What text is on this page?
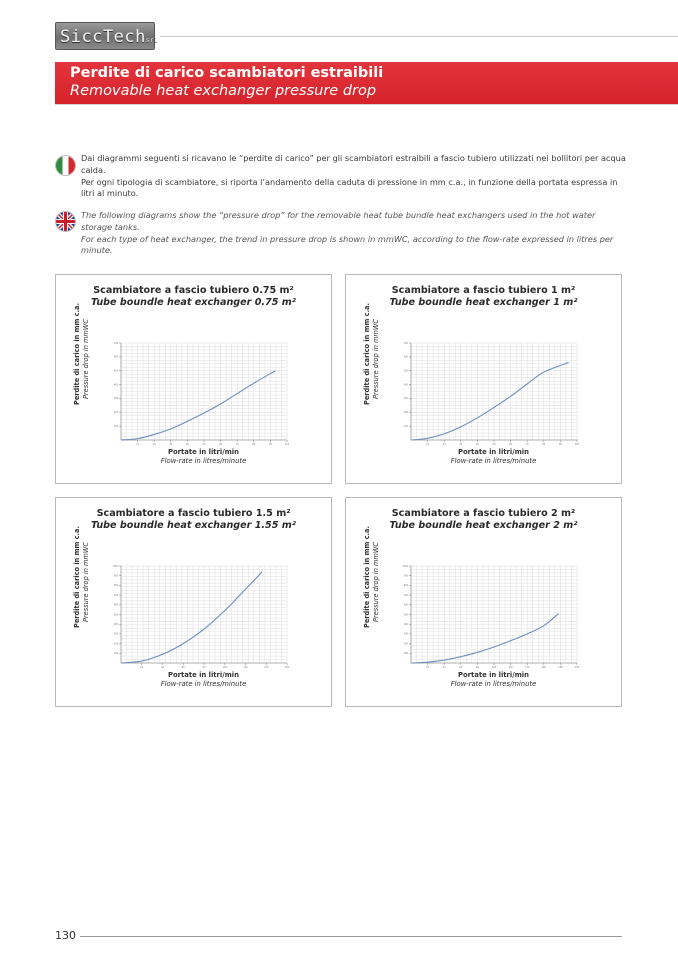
SiccTechsrl
Perdite di carico scambiatori estraibili
Removable heat exchanger pressure drop

Dai diagrammi seguenti si ricavano le “perdite di carico” per gli scambiatori estraibili a fascio tubiero utilizzati nei bollitori per acqua calda.

Per ogni tipologia di scambiatore, si riporta l’andamento della caduta di pressione in mm c.a., in funzione della portata espressa in litri al minuto.

The following diagrams show the “pressure drop” for the removable heat tube bundle heat exchangers used in the hot water storage tanks.

For each type of heat exchanger, the trend in pressure drop is shown in mmWC, according to the flow-rate expressed in litres per minute.

10	20	30	40	50	60	70	80	90	100
100
200
300
400
500
600
700
Scambiatore a fascio tubiero 0.75 m²
Tube boundle heat exchanger 0.75 m²
Perdite di carico in mm c.a. Pressure drop in mmWC
Portate in litri/min
Flow-rate in litres/minute
10	20	30	40	50	60	70	80	90	100
100
200
300
400
500
600
700
Scambiatore a fascio tubiero 1 m²
Tube boundle heat exchanger 1 m²
Perdite di carico in mm c.a. Pressure drop in mmWC
Portate in litri/min
Flow-rate in litres/minute
20	40	60	80	100	120	140	160
100
200
300
400
500
600
700
800
900
1000
Scambiatore a fascio tubiero 1.5 m²
Tube boundle heat exchanger 1.55 m²
Perdite di carico in mm c.a. Pressure drop in mmWC
Portate in litri/min
Flow-rate in litres/minute
20	40	60	80	100	120	140	160	180	200
100
200
300
400
500
600
700
800
900
1000
Scambiatore a fascio tubiero 2 m²
Tube boundle heat exchanger 2 m²
Perdite di carico in mm c.a. Pressure drop in mmWC
Portate in litri/min
Flow-rate in litres/minute
130
